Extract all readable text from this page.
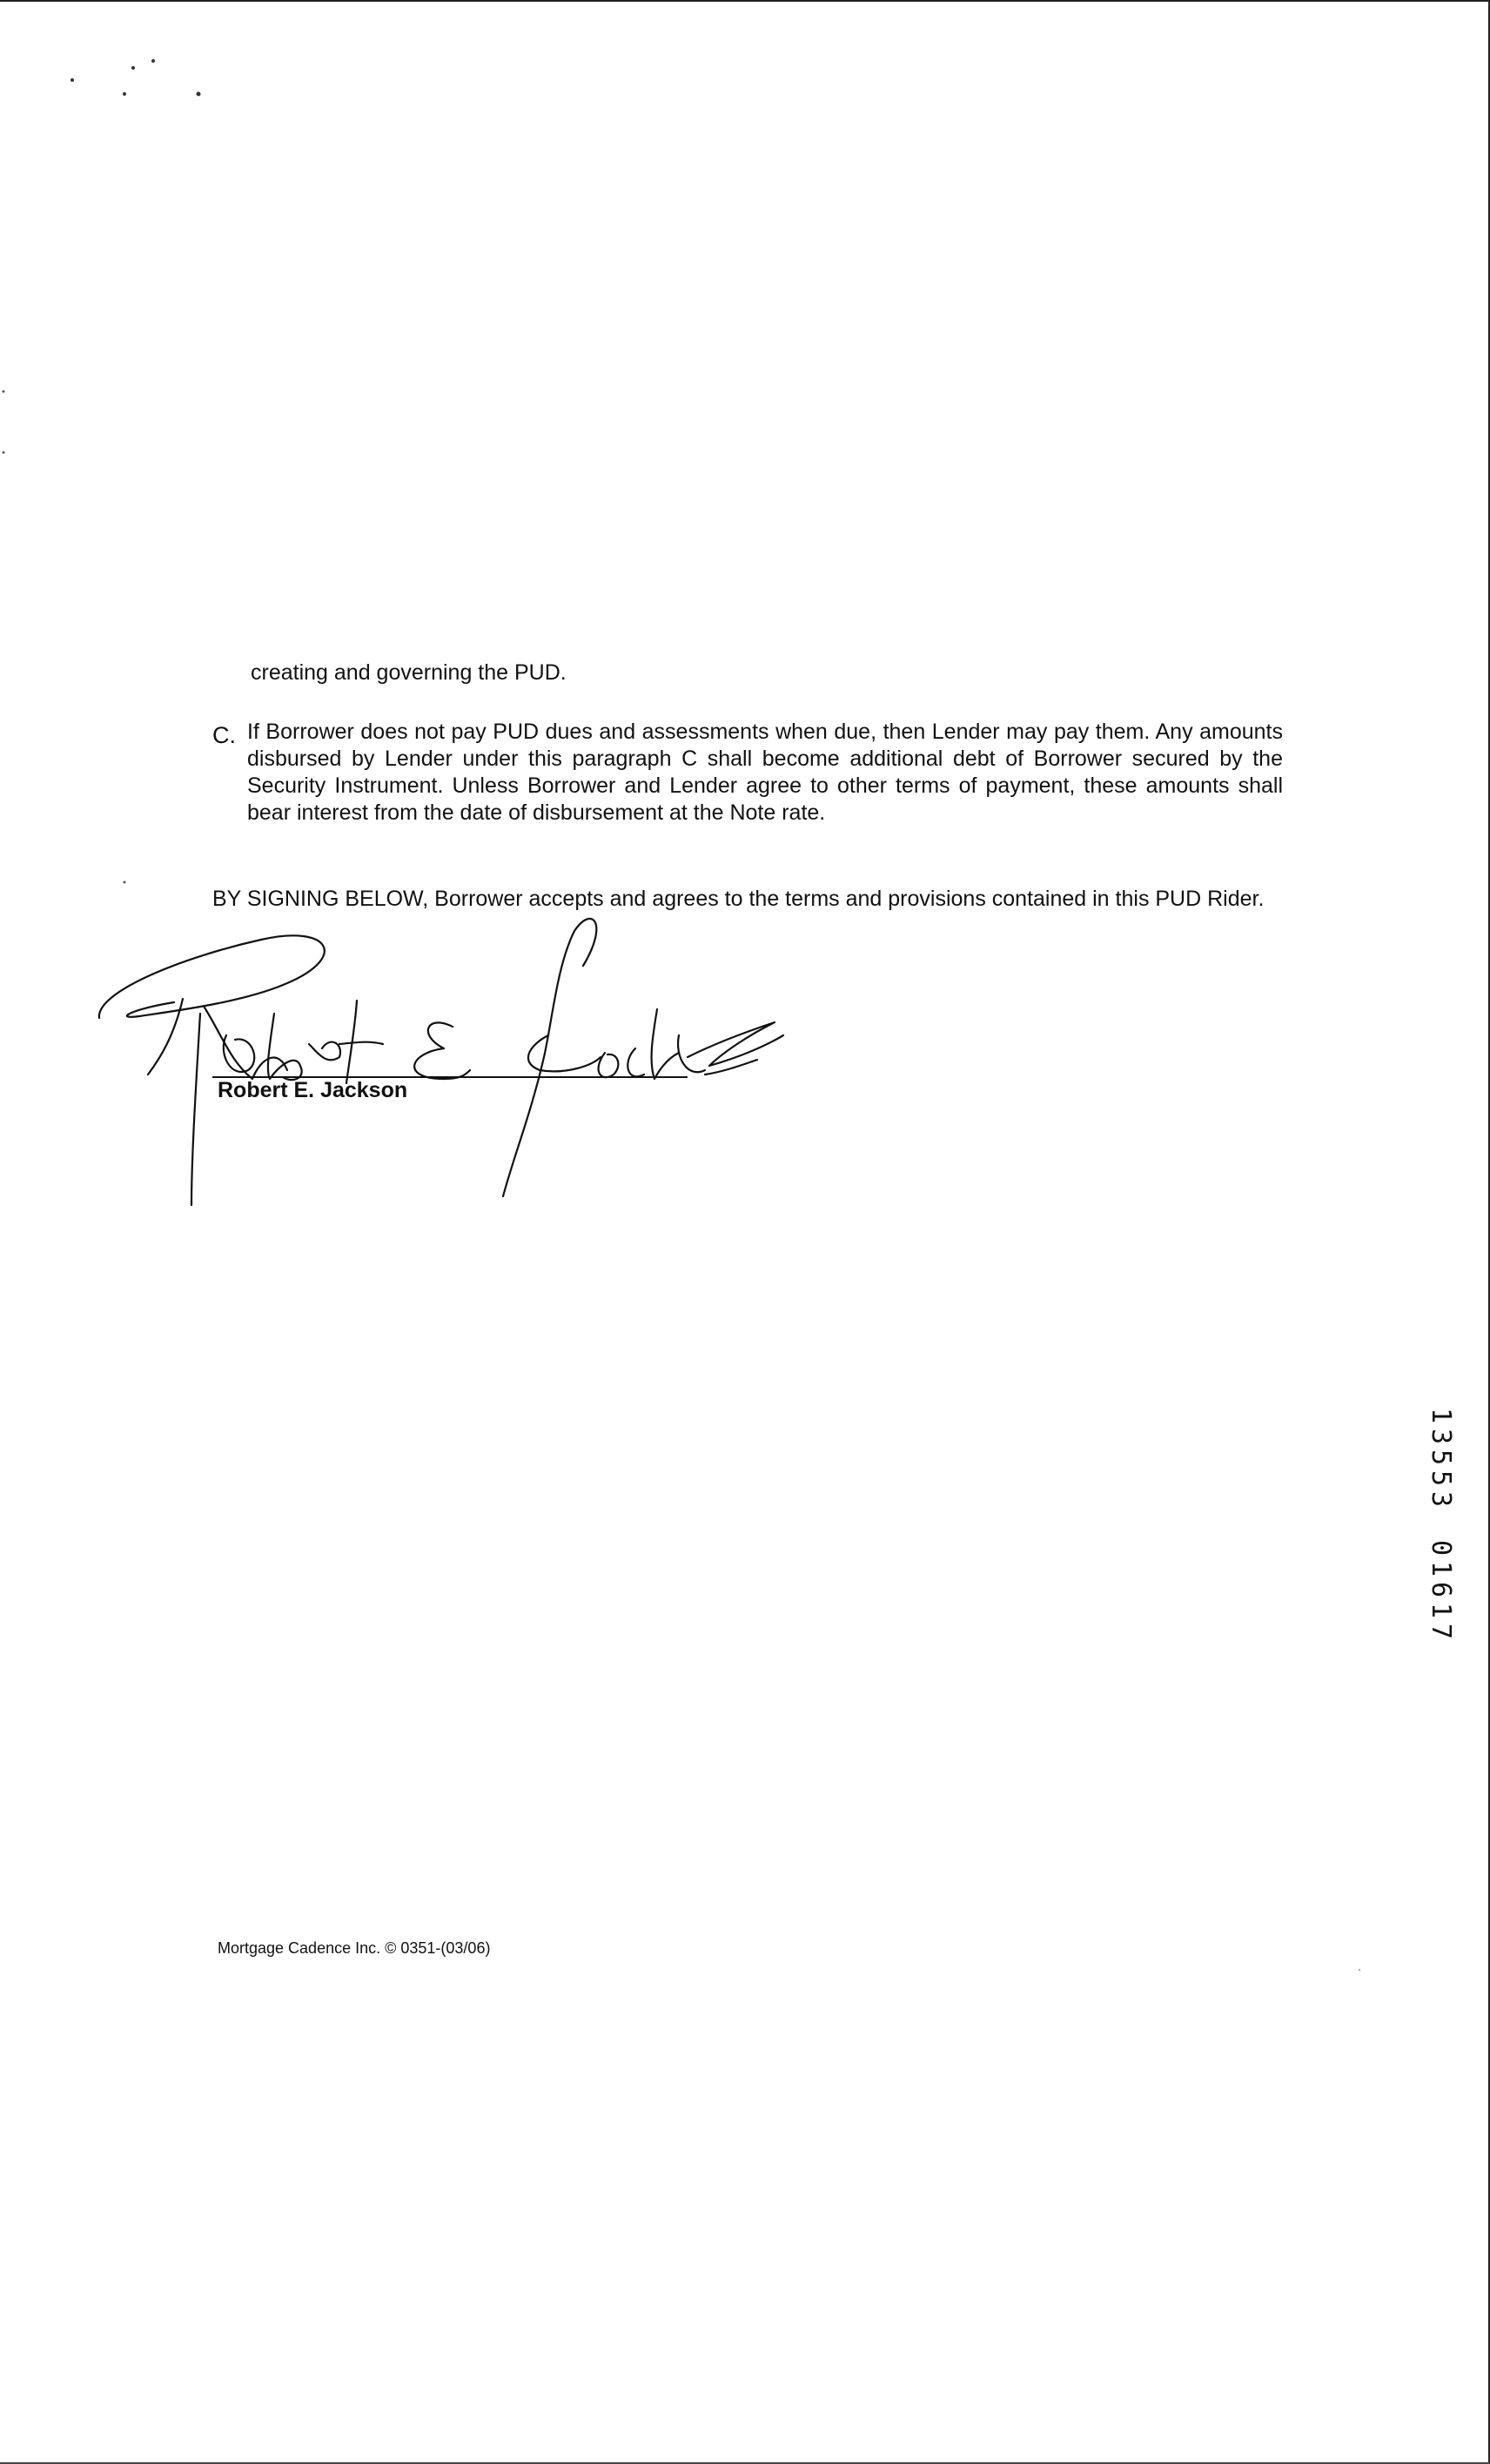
creating and governing the PUD.
C. If Borrower does not pay PUD dues and assessments when due, then Lender may pay them. Any amounts disbursed by Lender under this paragraph C shall become additional debt of Borrower secured by the Security Instrument. Unless Borrower and Lender agree to other terms of payment, these amounts shall bear interest from the date of disbursement at the Note rate.
BY SIGNING BELOW, Borrower accepts and agrees to the terms and provisions contained in this PUD Rider.
Robert E. Jackson
Mortgage Cadence Inc. © 0351-(03/06)
1
3
5
5
3
0
1
6
1
7
